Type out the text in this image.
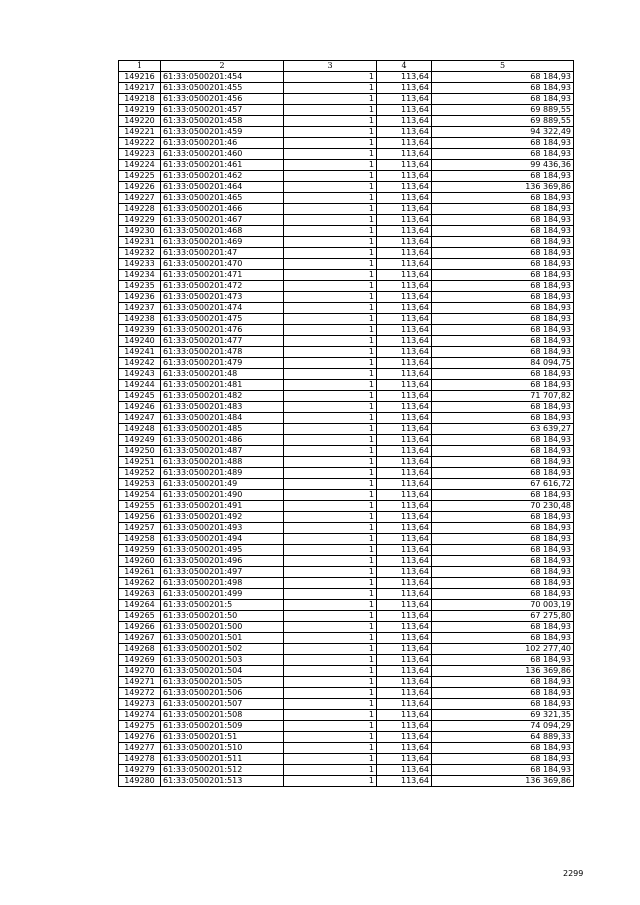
1	2	3	4	5
149216	61:33:0500201:454	1	113,64	68 184,93
149217	61:33:0500201:455	1	113,64	68 184,93
149218	61:33:0500201:456	1	113,64	68 184,93
149219	61:33:0500201:457	1	113,64	69 889,55
149220	61:33:0500201:458	1	113,64	69 889,55
149221	61:33:0500201:459	1	113,64	94 322,49
149222	61:33:0500201:46	1	113,64	68 184,93
149223	61:33:0500201:460	1	113,64	68 184,93
149224	61:33:0500201:461	1	113,64	99 436,36
149225	61:33:0500201:462	1	113,64	68 184,93
149226	61:33:0500201:464	1	113,64	136 369,86
149227	61:33:0500201:465	1	113,64	68 184,93
149228	61:33:0500201:466	1	113,64	68 184,93
149229	61:33:0500201:467	1	113,64	68 184,93
149230	61:33:0500201:468	1	113,64	68 184,93
149231	61:33:0500201:469	1	113,64	68 184,93
149232	61:33:0500201:47	1	113,64	68 184,93
149233	61:33:0500201:470	1	113,64	68 184,93
149234	61:33:0500201:471	1	113,64	68 184,93
149235	61:33:0500201:472	1	113,64	68 184,93
149236	61:33:0500201:473	1	113,64	68 184,93
149237	61:33:0500201:474	1	113,64	68 184,93
149238	61:33:0500201:475	1	113,64	68 184,93
149239	61:33:0500201:476	1	113,64	68 184,93
149240	61:33:0500201:477	1	113,64	68 184,93
149241	61:33:0500201:478	1	113,64	68 184,93
149242	61:33:0500201:479	1	113,64	84 094,75
149243	61:33:0500201:48	1	113,64	68 184,93
149244	61:33:0500201:481	1	113,64	68 184,93
149245	61:33:0500201:482	1	113,64	71 707,82
149246	61:33:0500201:483	1	113,64	68 184,93
149247	61:33:0500201:484	1	113,64	68 184,93
149248	61:33:0500201:485	1	113,64	63 639,27
149249	61:33:0500201:486	1	113,64	68 184,93
149250	61:33:0500201:487	1	113,64	68 184,93
149251	61:33:0500201:488	1	113,64	68 184,93
149252	61:33:0500201:489	1	113,64	68 184,93
149253	61:33:0500201:49	1	113,64	67 616,72
149254	61:33:0500201:490	1	113,64	68 184,93
149255	61:33:0500201:491	1	113,64	70 230,48
149256	61:33:0500201:492	1	113,64	68 184,93
149257	61:33:0500201:493	1	113,64	68 184,93
149258	61:33:0500201:494	1	113,64	68 184,93
149259	61:33:0500201:495	1	113,64	68 184,93
149260	61:33:0500201:496	1	113,64	68 184,93
149261	61:33:0500201:497	1	113,64	68 184,93
149262	61:33:0500201:498	1	113,64	68 184,93
149263	61:33:0500201:499	1	113,64	68 184,93
149264	61:33:0500201:5	1	113,64	70 003,19
149265	61:33:0500201:50	1	113,64	67 275,80
149266	61:33:0500201:500	1	113,64	68 184,93
149267	61:33:0500201:501	1	113,64	68 184,93
149268	61:33:0500201:502	1	113,64	102 277,40
149269	61:33:0500201:503	1	113,64	68 184,93
149270	61:33:0500201:504	1	113,64	136 369,86
149271	61:33:0500201:505	1	113,64	68 184,93
149272	61:33:0500201:506	1	113,64	68 184,93
149273	61:33:0500201:507	1	113,64	68 184,93
149274	61:33:0500201:508	1	113,64	69 321,35
149275	61:33:0500201:509	1	113,64	74 094,29
149276	61:33:0500201:51	1	113,64	64 889,33
149277	61:33:0500201:510	1	113,64	68 184,93
149278	61:33:0500201:511	1	113,64	68 184,93
149279	61:33:0500201:512	1	113,64	68 184,93
149280	61:33:0500201:513	1	113,64	136 369,86
2299
